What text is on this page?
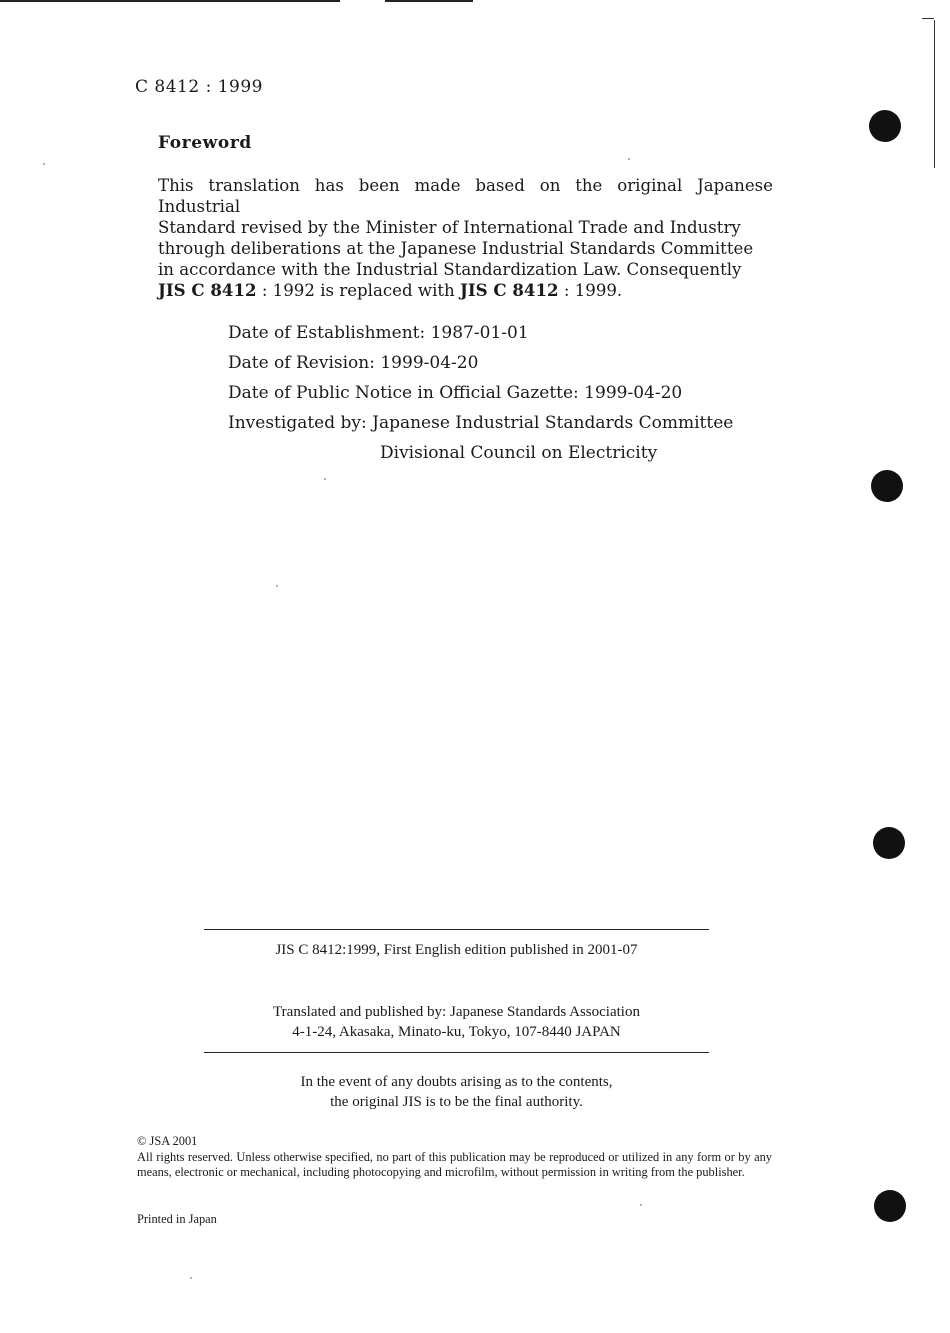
C 8412 : 1999
Foreword

This translation has been made based on the original Japanese Industrial

Standard revised by the Minister of International Trade and Industry

through deliberations at the Japanese Industrial Standards Committee

in accordance with the Industrial Standardization Law. Consequently

JIS C 8412 : 1992 is replaced with JIS C 8412 : 1999.

Date of Establishment: 1987-01-01
Date of Revision: 1999-04-20
Date of Public Notice in Official Gazette: 1999-04-20
Investigated by: Japanese Industrial Standards Committee
Divisional Council on Electricity
JIS C 8412:1999, First English edition published in 2001-07
Translated and published by: Japanese Standards Association
4-1-24, Akasaka, Minato-ku, Tokyo, 107-8440 JAPAN
In the event of any doubts arising as to the contents,
the original JIS is to be the final authority.
© JSA 2001
All rights reserved. Unless otherwise specified, no part of this publication may be reproduced or utilized in any form or by any means, electronic or mechanical, including photocopying and microfilm, without permission in writing from the publisher.
Printed in Japan
